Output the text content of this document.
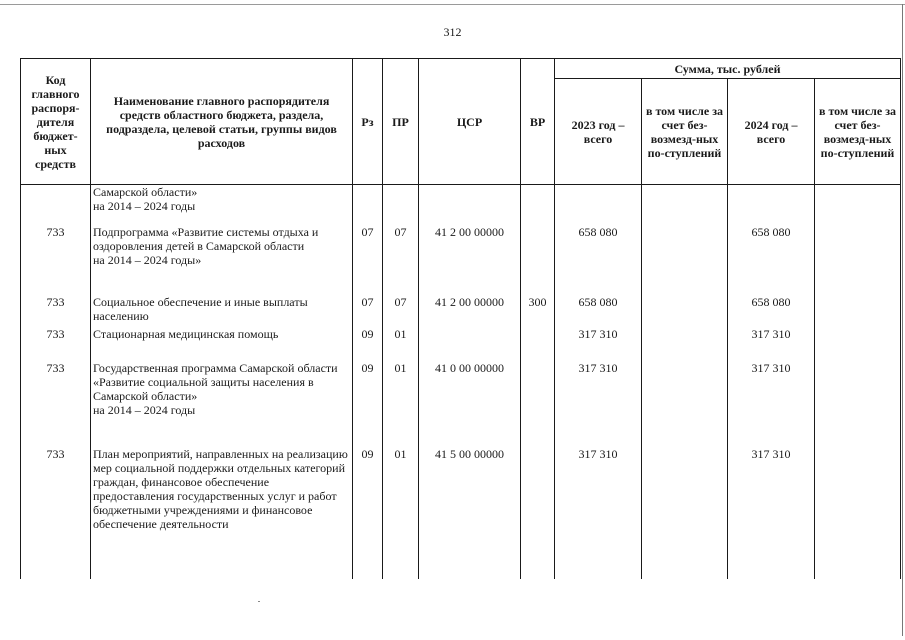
312
Код главного распоря-дителя бюджет-ных средств	Наименование главного распорядителя средств областного бюджета, раздела, подраздела, целевой статьи, группы видов расходов	Рз	ПР	ЦСР	ВР	Сумма, тыс. рублей			
						2023 год – всего	в том числе за счет без-возмезд-ных по-ступлений	2024 год – всего	в том числе за счет без-возмезд-ных по-ступлений
	Самарской области»
на 2014 – 2024 годы								
733	Подпрограмма «Развитие системы отдыха и оздоровления детей в Самарской области
на 2014 – 2024 годы»	07	07	41 2 00 00000		658 080		658 080	
733	Социальное обеспечение и иные выплаты населению	07	07	41 2 00 00000	300	658 080		658 080	
733	Стационарная медицинская помощь	09	01			317 310		317 310	
733	Государственная программа Самарской области «Развитие социальной защиты населения в Самарской области»
на 2014 – 2024 годы	09	01	41 0 00 00000		317 310		317 310	
733	План мероприятий, направленных на реализацию мер социальной поддержки отдельных категорий граждан, финансовое обеспечение предоставления государственных услуг и работ бюджетными учреждениями и финансовое обеспечение деятельности	09	01	41 5 00 00000		317 310		317 310	
